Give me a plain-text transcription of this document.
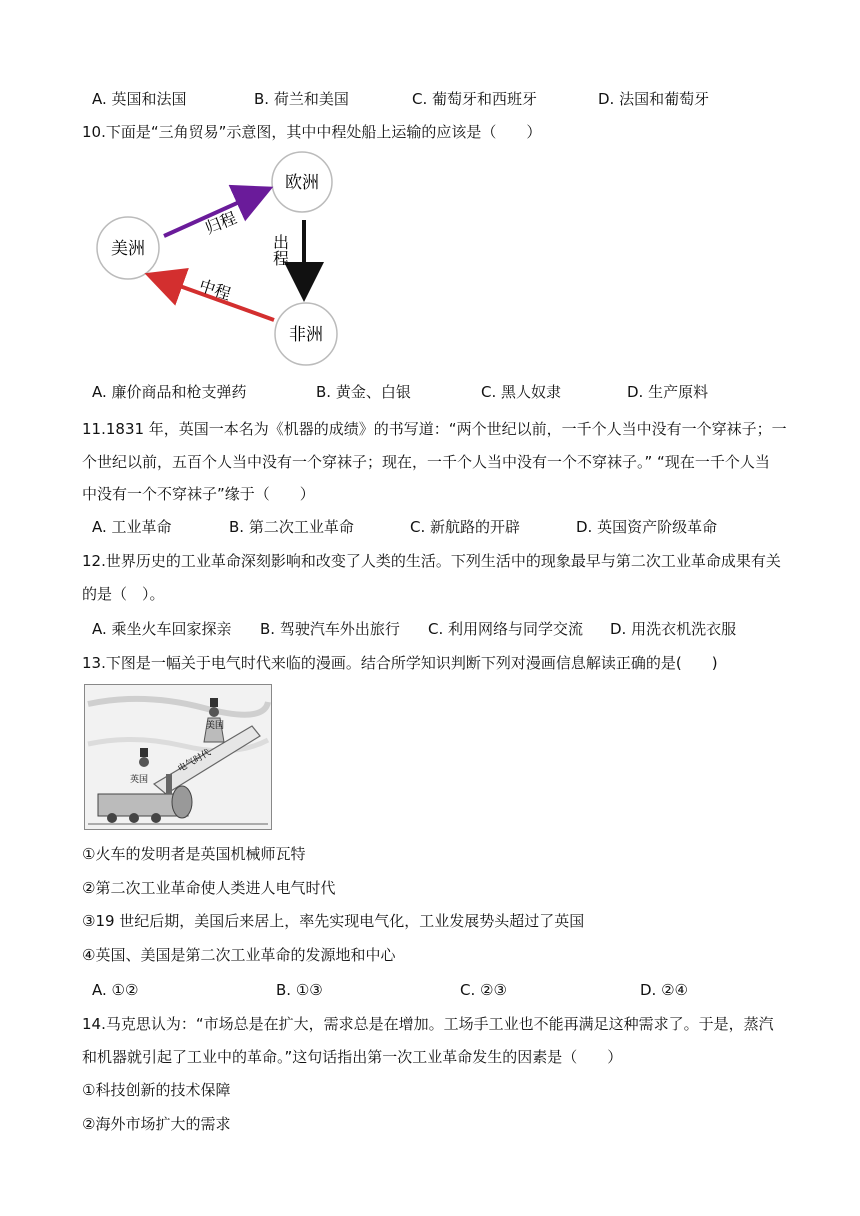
A. 英国和法国	B. 荷兰和美国	C. 葡萄牙和西班牙	D. 法国和葡萄牙
10.下面是“三角贸易”示意图，其中中程处船上运输的应该是（　　）
欧洲
美洲
非洲
归程
出程
中程
A. 廉价商品和枪支弹药	B. 黄金、白银	C. 黑人奴隶	D. 生产原料
11.1831 年，英国一本名为《机器的成绩》的书写道：“两个世纪以前，一千个人当中没有一个穿袜子；一
个世纪以前，五百个人当中没有一个穿袜子；现在，一千个人当中没有一个不穿袜子。” “现在一千个人当
中没有一个不穿袜子”缘于（　　）
A. 工业革命	B. 第二次工业革命	C. 新航路的开辟	D. 英国资产阶级革命
12.世界历史的工业革命深刻影响和改变了人类的生活。下列生活中的现象最早与第二次工业革命成果有关
的是（　）。
A. 乘坐火车回家探亲 B. 驾驶汽车外出旅行 C. 利用网络与同学交流 D. 用洗衣机洗衣服
13.下图是一幅关于电气时代来临的漫画。结合所学知识判断下列对漫画信息解读正确的是(　　)
电气时代
美国
英国
①火车的发明者是英国机械师瓦特
②第二次工业革命使人类进人电气时代
③19 世纪后期，美国后来居上，率先实现电气化，工业发展势头超过了英国
④英国、美国是第二次工业革命的发源地和中心
A. ①②	B. ①③	C. ②③	D. ②④
14.马克思认为：“市场总是在扩大，需求总是在增加。工场手工业也不能再满足这种需求了。于是，蒸汽
和机器就引起了工业中的革命。”这句话指出第一次工业革命发生的因素是（　　）
①科技创新的技术保障
②海外市场扩大的需求
